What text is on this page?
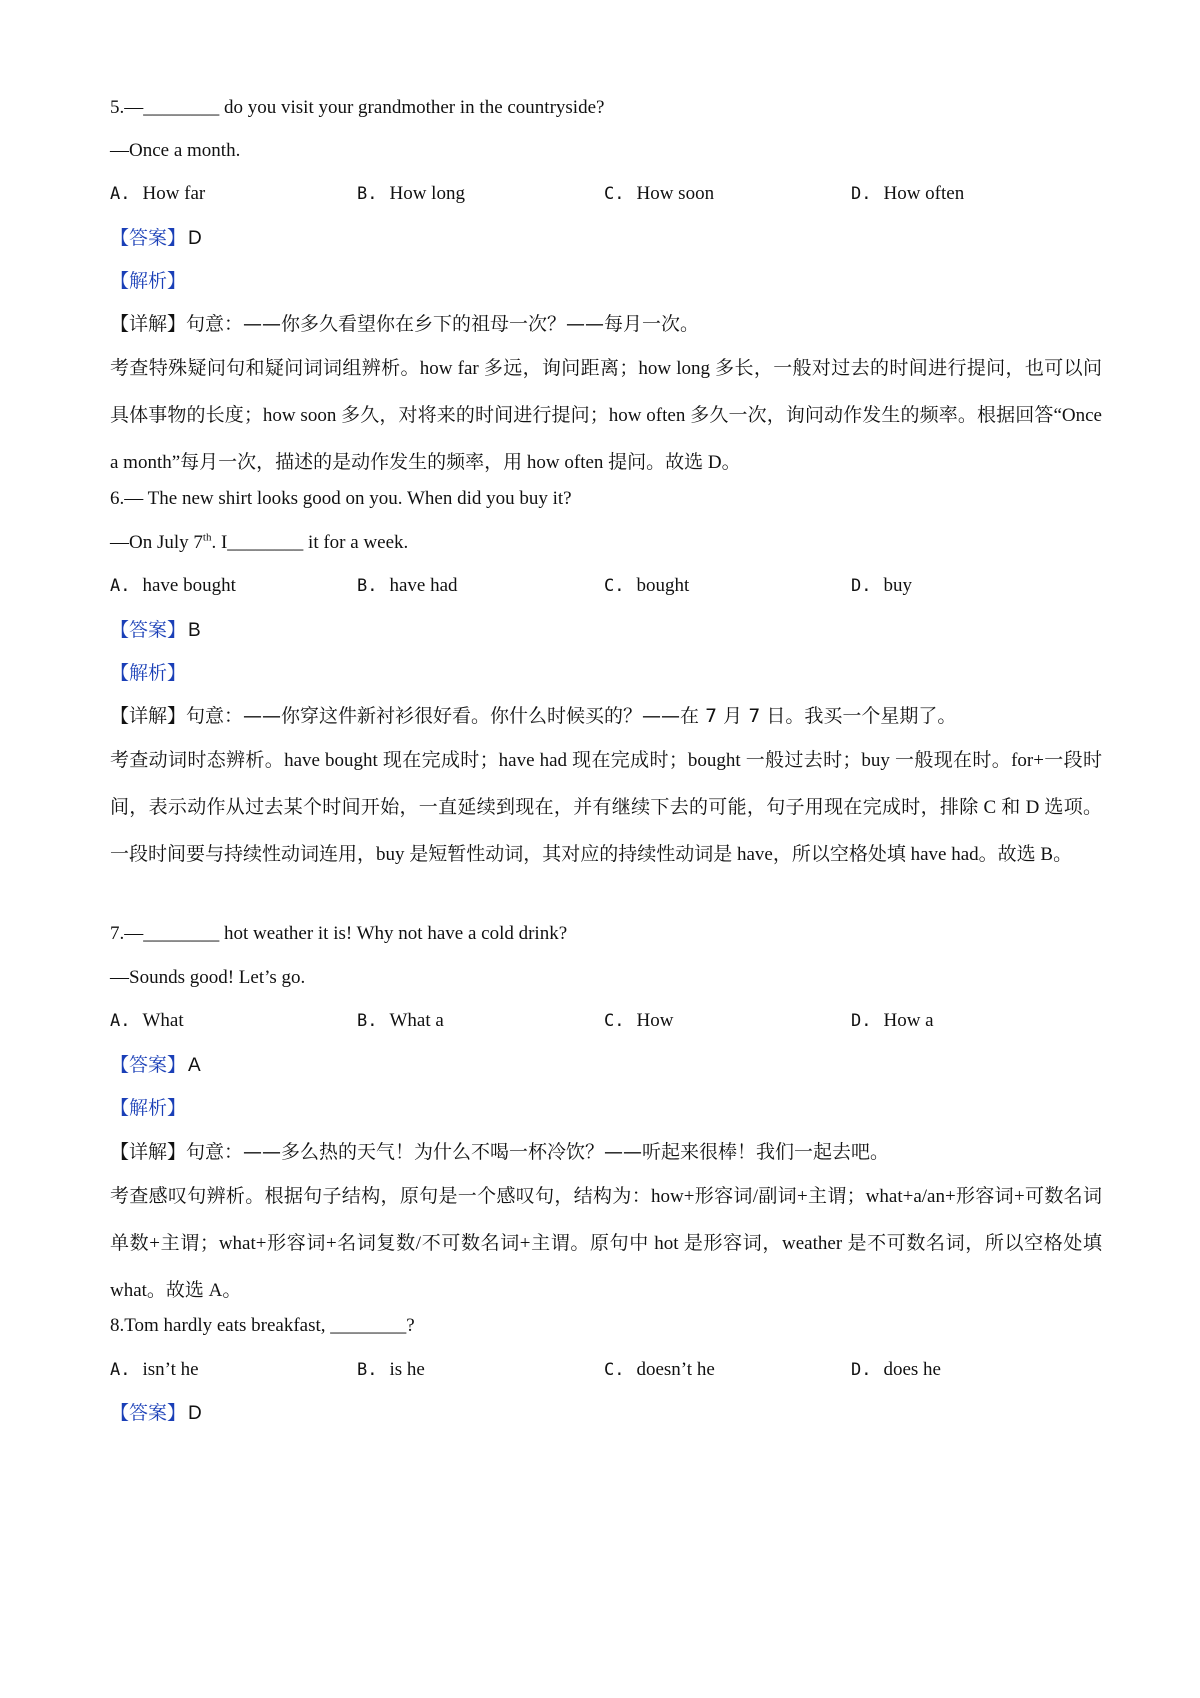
5.—________ do you visit your grandmother in the countryside?
—Once a month.
A. How far	B. How long	C. How soon	D. How often
【答案】 D
【解析】
【详解】句意：——你多久看望你在乡下的祖母一次？——每月一次。
考查特殊疑问句和疑问词词组辨析。how far 多远，询问距离；how long 多长，一般对过去的时间进行提问，也可以问具体事物的长度；how soon 多久，对将来的时间进行提问；how often 多久一次，询问动作发生的频率。根据回答“Once a month”每月一次，描述的是动作发生的频率，用 how often 提问。故选 D。
6.— The new shirt looks good on you. When did you buy it?
—On July 7th. I________ it for a week.
A. have bought	B. have had	C. bought	D. buy
【答案】 B
【解析】
【详解】句意：——你穿这件新衬衫很好看。你什么时候买的？——在 7 月 7 日。我买一个星期了。
考查动词时态辨析。have bought 现在完成时；have had 现在完成时；bought 一般过去时；buy 一般现在时。for+一段时间，表示动作从过去某个时间开始，一直延续到现在，并有继续下去的可能，句子用现在完成时，排除 C 和 D 选项。一段时间要与持续性动词连用，buy 是短暂性动词，其对应的持续性动词是 have，所以空格处填 have had。故选 B。
7.—________ hot weather it is! Why not have a cold drink?
—Sounds good! Let’s go.
A. What	B. What a	C. How	D. How a
【答案】 A
【解析】
【详解】句意：——多么热的天气！为什么不喝一杯冷饮？——听起来很棒！我们一起去吧。
考查感叹句辨析。根据句子结构，原句是一个感叹句，结构为：how+形容词/副词+主谓；what+a/an+形容词+可数名词单数+主谓；what+形容词+名词复数/不可数名词+主谓。原句中 hot 是形容词，weather 是不可数名词，所以空格处填 what。故选 A。
8.Tom hardly eats breakfast, ________?
A. isn’t he	B. is he	C. doesn’t he	D. does he
【答案】 D
